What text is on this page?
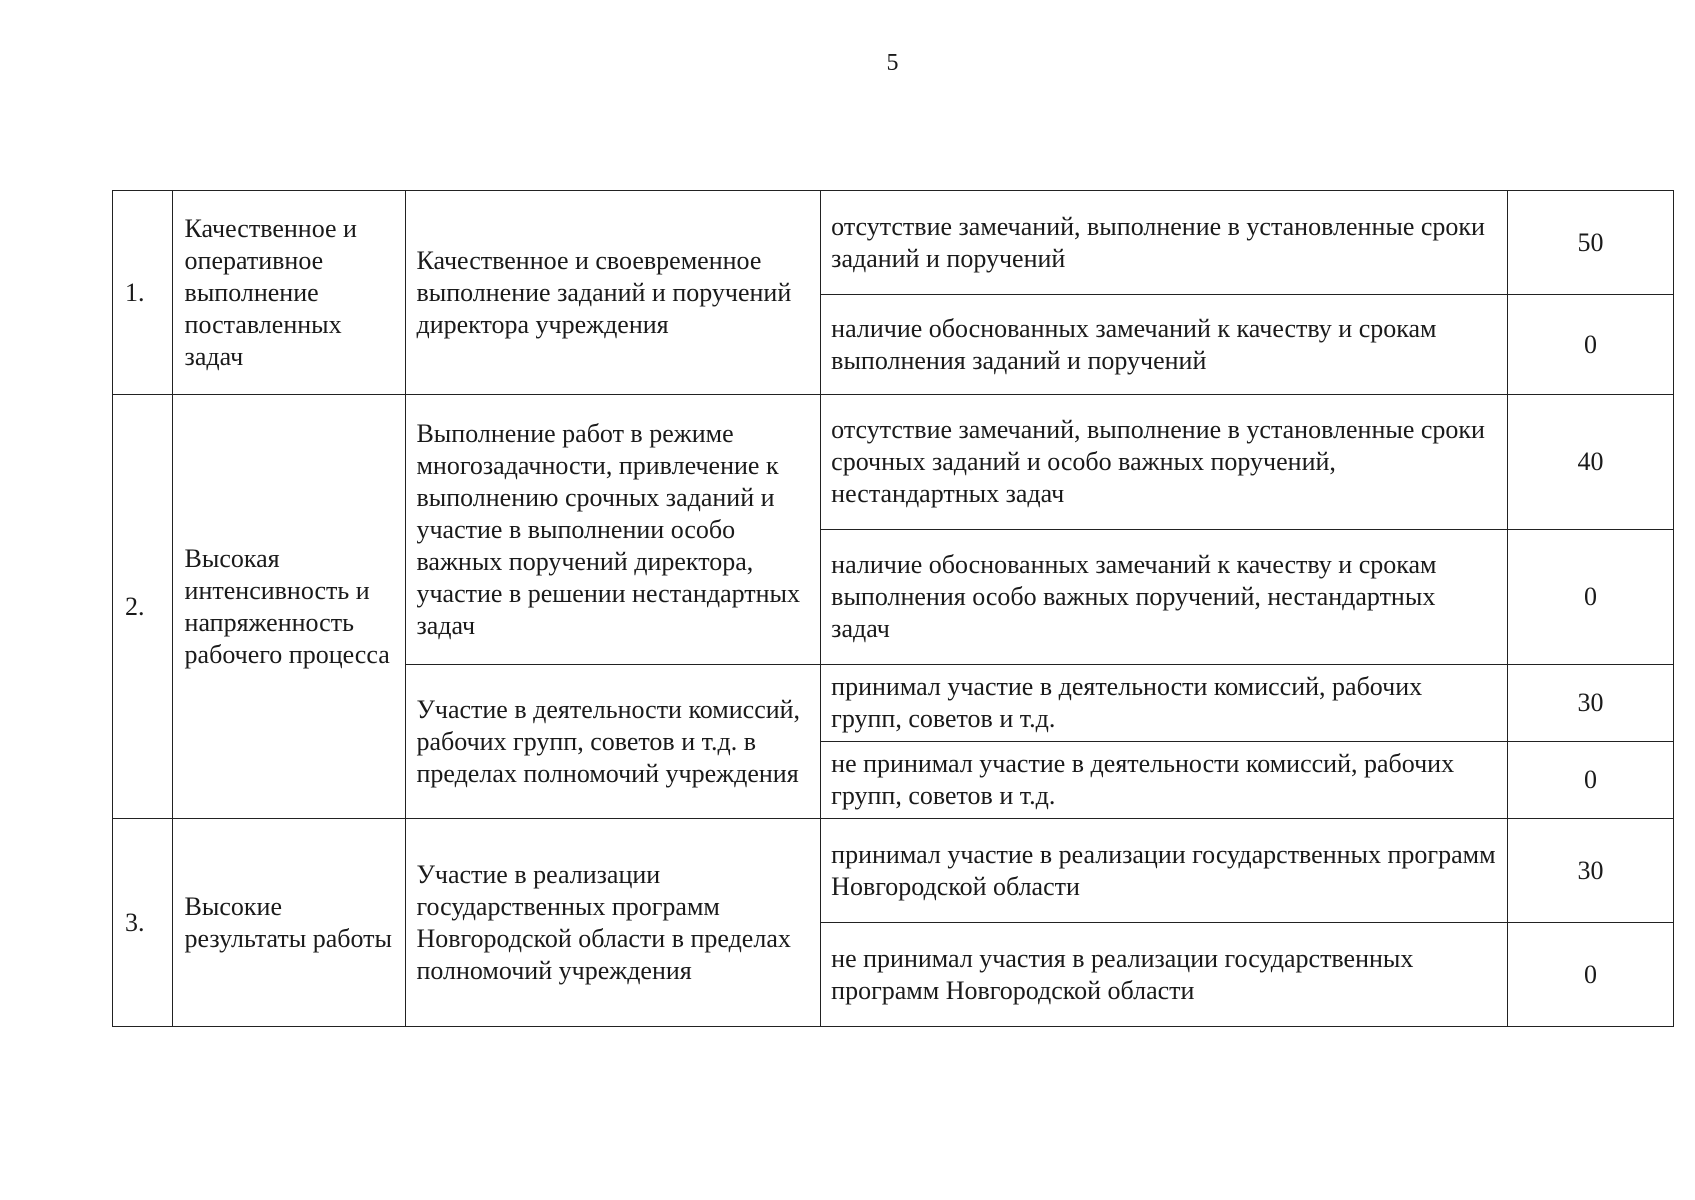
5
1.	Качественное и оперативное выполнение поставленных задач	Качественное и своевременное выполнение заданий и поручений директора учреждения	отсутствие замечаний, выполнение в установленные сроки заданий и поручений	50
			наличие обоснованных замечаний к качеству и срокам выполнения заданий и поручений	0
2.	Высокая интенсивность и напряженность рабочего процесса	Выполнение работ в режиме многозадачности, привлечение к выполнению срочных заданий и участие в выполнении особо важных поручений директора, участие в решении нестандартных задач	отсутствие замечаний, выполнение в установленные сроки срочных заданий и особо важных поручений, нестандартных задач	40
			наличие обоснованных замечаний к качеству и срокам выполнения особо важных поручений, нестандартных задач	0
		Участие в деятельности комиссий, рабочих групп, советов и т.д. в пределах полномочий учреждения	принимал участие в деятельности комиссий, рабочих групп, советов и т.д.	30
			не принимал участие в деятельности комиссий, рабочих групп, советов и т.д.	0
3.	Высокие результаты работы	Участие в реализации государственных программ Новгородской области в пределах полномочий учреждения	принимал участие в реализации государственных программ Новгородской области	30
			не принимал участия в реализации государственных программ Новгородской области	0
